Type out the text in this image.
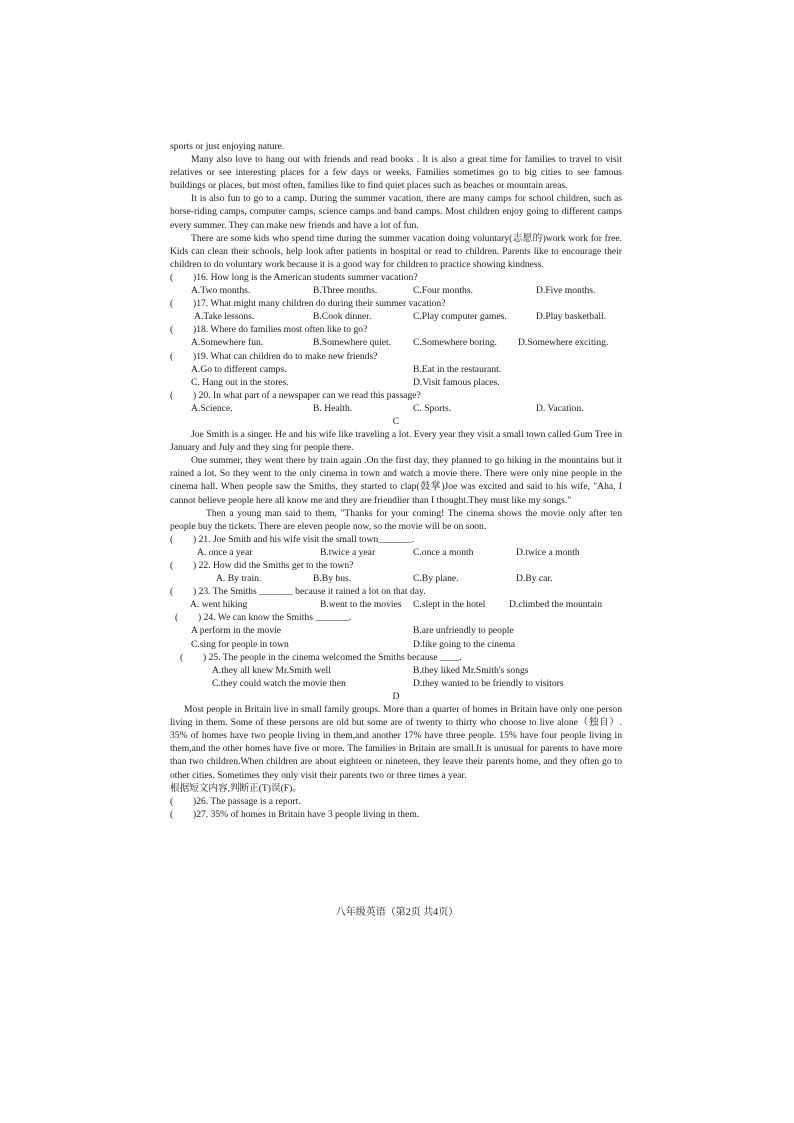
sports or just enjoying nature.

Many also love to hang out with friends and read books . It is also a great time for families to travel to visit relatives or see interesting places for a few days or weeks. Families sometimes go to big cities to see famous buildings or places, but most often, families like to find quiet places such as beaches or mountain areas.

It is also fun to go to a camp. During the summer vacation, there are many camps for school children, such as horse-riding camps, computer camps, science camps and band camps. Most children enjoy going to different camps every summer. They can make new friends and have a lot of fun.

There are some kids who spend time during the summer vacation doing voluntary(志愿的)work work for free. Kids can clean their schools, help look after patients in hospital or read to children. Parents like to encourage their children to do voluntary work because it is a good way for children to practice showing kindness.

( )16. How long is the American students summer vacation?
A.Two months.	B.Three months.	C.Four months.	D.Five months.
( )17. What might many children do during their summer vacation?
A.Take lessons.	B.Cook dinner.	C.Play computer games.	D.Play basketball.
( )18. Where do families most often like to go?
A.Somewhere fun.	B.Somewhere quiet. C.Somewhere boring. D.Somewhere exciting.
( )19. What can children do to make new friends?
A.Go to different camps.	B.Eat in the restaurant.
C. Hang out in the stores.	D.Visit famous places.
( ) 20. In what part of a newspaper can we read this passage?
A.Science.	B. Health.	C. Sports.	D. Vacation.

C

Joe Smith is a singer. He and his wife like traveling a lot. Every year they visit a small town called Gum Tree in January and July and they sing for people there.

One summer, they went there by train again .On the first day, they planned to go hiking in the mountains but it rained a lot. So they went to the only cinema in town and watch a movie there. There were only nine people in the cinema hall. When people saw the Smiths, they started to clap(鼓掌)Joe was excited and said to his wife, "Aha, I cannot believe people here all know me and they are friendlier than I thought.They must like my songs."

Then a young man said to them, "Thanks for your coming! The cinema shows the movie only after ten people buy the tickets. There are eleven people now, so the movie will be on soon.

( ) 21. Joe Smith and his wife visit the small town_______.
A. once a year	B.twice a year	C.once a month	D.twice a month
( ) 22. How did the Smiths get to the town?
A. By train.	B.By bus.	C.By plane.	D.By car.
( ) 23. The Smiths _______ because it rained a lot on that day.
A. went hiking	B.went to the movies C.slept in the hotel D.climbed the mountain
( ) 24. We can know the Smiths _______.
A perform in the movie	B.are unfriendly to people
C.sing for people in town	D.like going to the cinema
( ) 25. The people in the cinema welcomed the Smiths because ____.
A.they all knew Mr.Smith well	B.they liked Mr.Smith's songs
C.they could watch the movie then	D.they wanted to be friendly to visitors

D

Most people in Britain live in small family groups. More than a quarter of homes in Britain have only one person living in them. Some of these persons are old but some are of twenty to thirty who choose to live alone（独自）. 35% of homes have two people living in them,and another 17% have three people. 15% have four people living in them,and the other homes have five or more. The families in Britain are small.It is unusual for parents to have more than two children.When children are about eighteen or nineteen, they leave their parents home, and they often go to other cities. Sometimes they only visit their parents two or three times a year.

根据短文内容,判断正(T)误(F)。

( )26. The passage is a report.
( )27. 35% of homes in Britain have 3 people living in them.
八年级英语（第2页 共4页）
